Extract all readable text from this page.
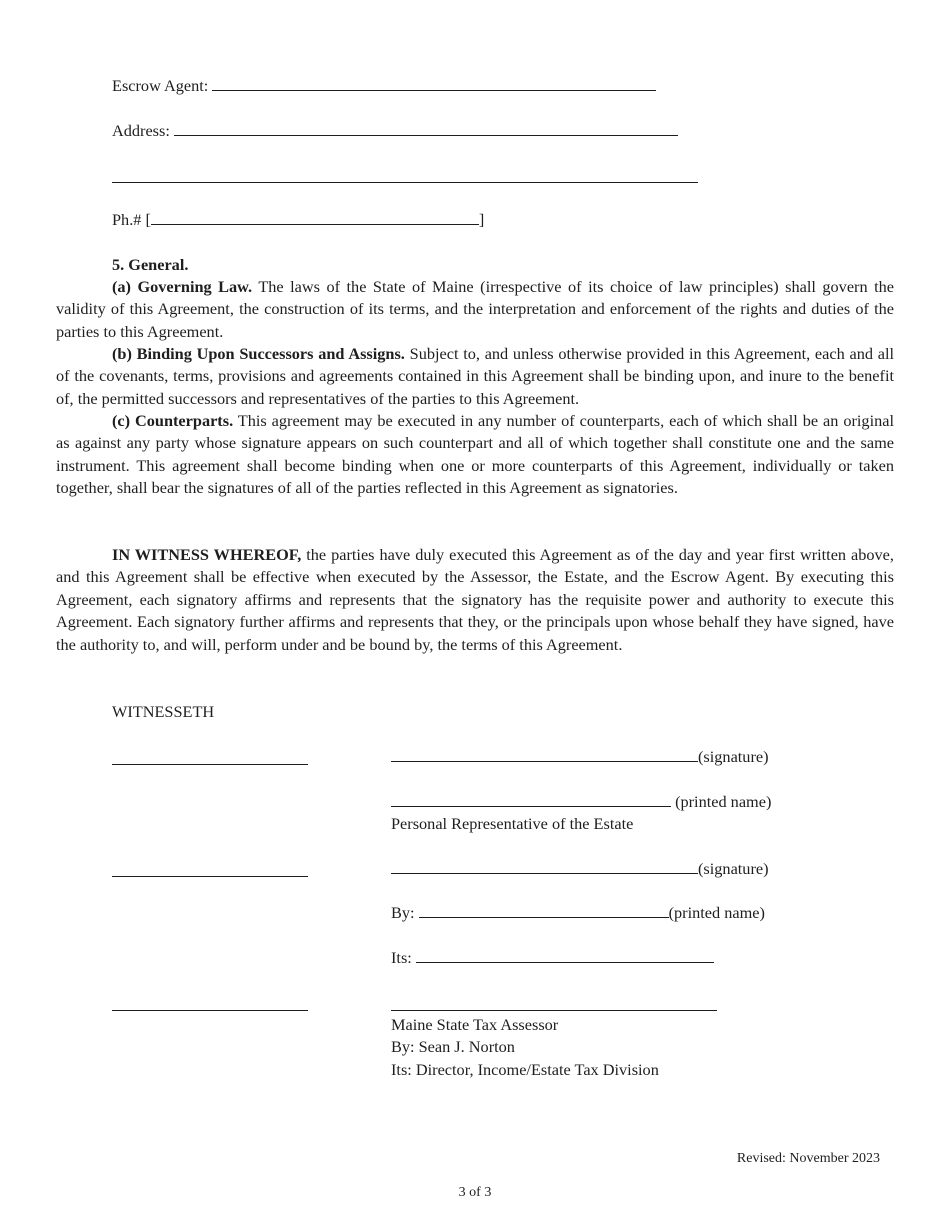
Escrow Agent:
Address:
Ph.# [	]
5. General.

(a) Governing Law. The laws of the State of Maine (irrespective of its choice of law principles) shall govern the validity of this Agreement, the construction of its terms, and the interpretation and enforcement of the rights and duties of the parties to this Agreement.

(b) Binding Upon Successors and Assigns. Subject to, and unless otherwise provided in this Agreement, each and all of the covenants, terms, provisions and agreements contained in this Agreement shall be binding upon, and inure to the benefit of, the permitted successors and representatives of the parties to this Agreement.

(c) Counterparts. This agreement may be executed in any number of counterparts, each of which shall be an original as against any party whose signature appears on such counterpart and all of which together shall constitute one and the same instrument. This agreement shall become binding when one or more counterparts of this Agreement, individually or taken together, shall bear the signatures of all of the parties reflected in this Agreement as signatories.

IN WITNESS WHEREOF, the parties have duly executed this Agreement as of the day and year first written above, and this Agreement shall be effective when executed by the Assessor, the Estate, and the Escrow Agent. By executing this Agreement, each signatory affirms and represents that the signatory has the requisite power and authority to execute this Agreement. Each signatory further affirms and represents that they, or the principals upon whose behalf they have signed, have the authority to, and will, perform under and be bound by, the terms of this Agreement.

WITNESSETH
(signature)
(printed name)
Personal Representative of the Estate
(signature)
By:	(printed name)
Its:
Maine State Tax Assessor
By: Sean J. Norton
Its: Director, Income/Estate Tax Division
Revised: November 2023
3 of 3
